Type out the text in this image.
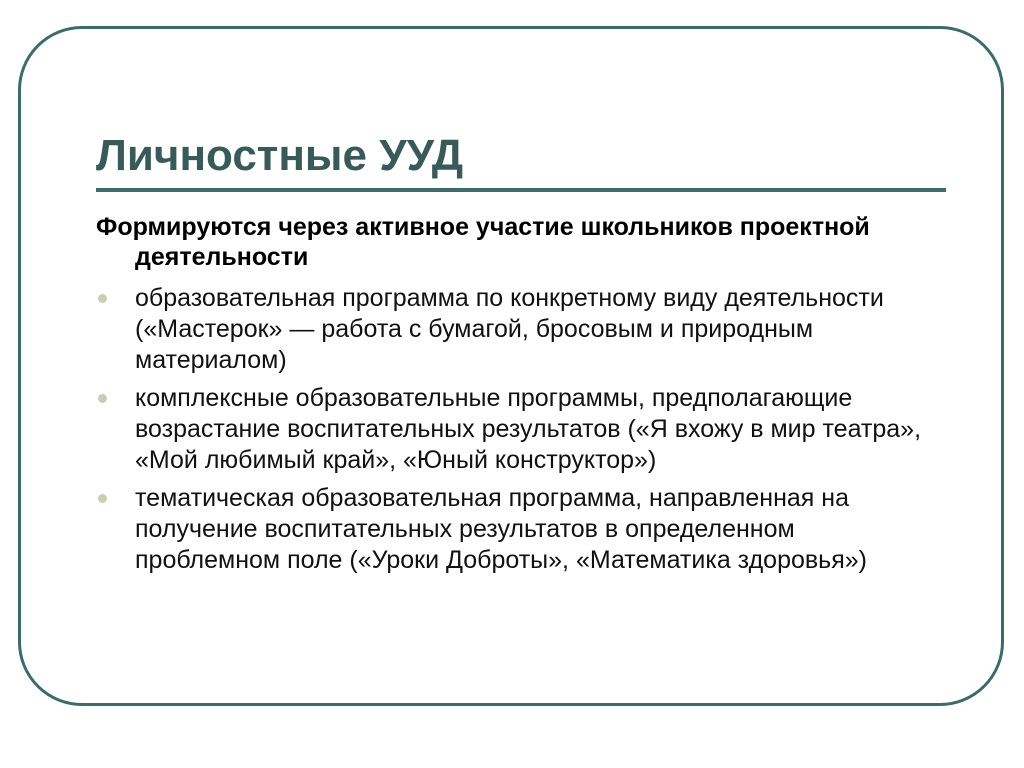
Личностные УУД

Формируются через активное участие школьников проектной деятельности

образовательная программа по конкретному виду деятельности («Мастерок» — работа с бумагой, бросовым и природным материалом)
комплексные образовательные программы, предполагающие возрастание воспитательных результатов («Я вхожу в мир театра», «Мой любимый край», «Юный конструктор»)
тематическая образовательная программа, направленная на получение воспитательных результатов в определенном проблемном поле («Уроки Доброты», «Математика здоровья»)
